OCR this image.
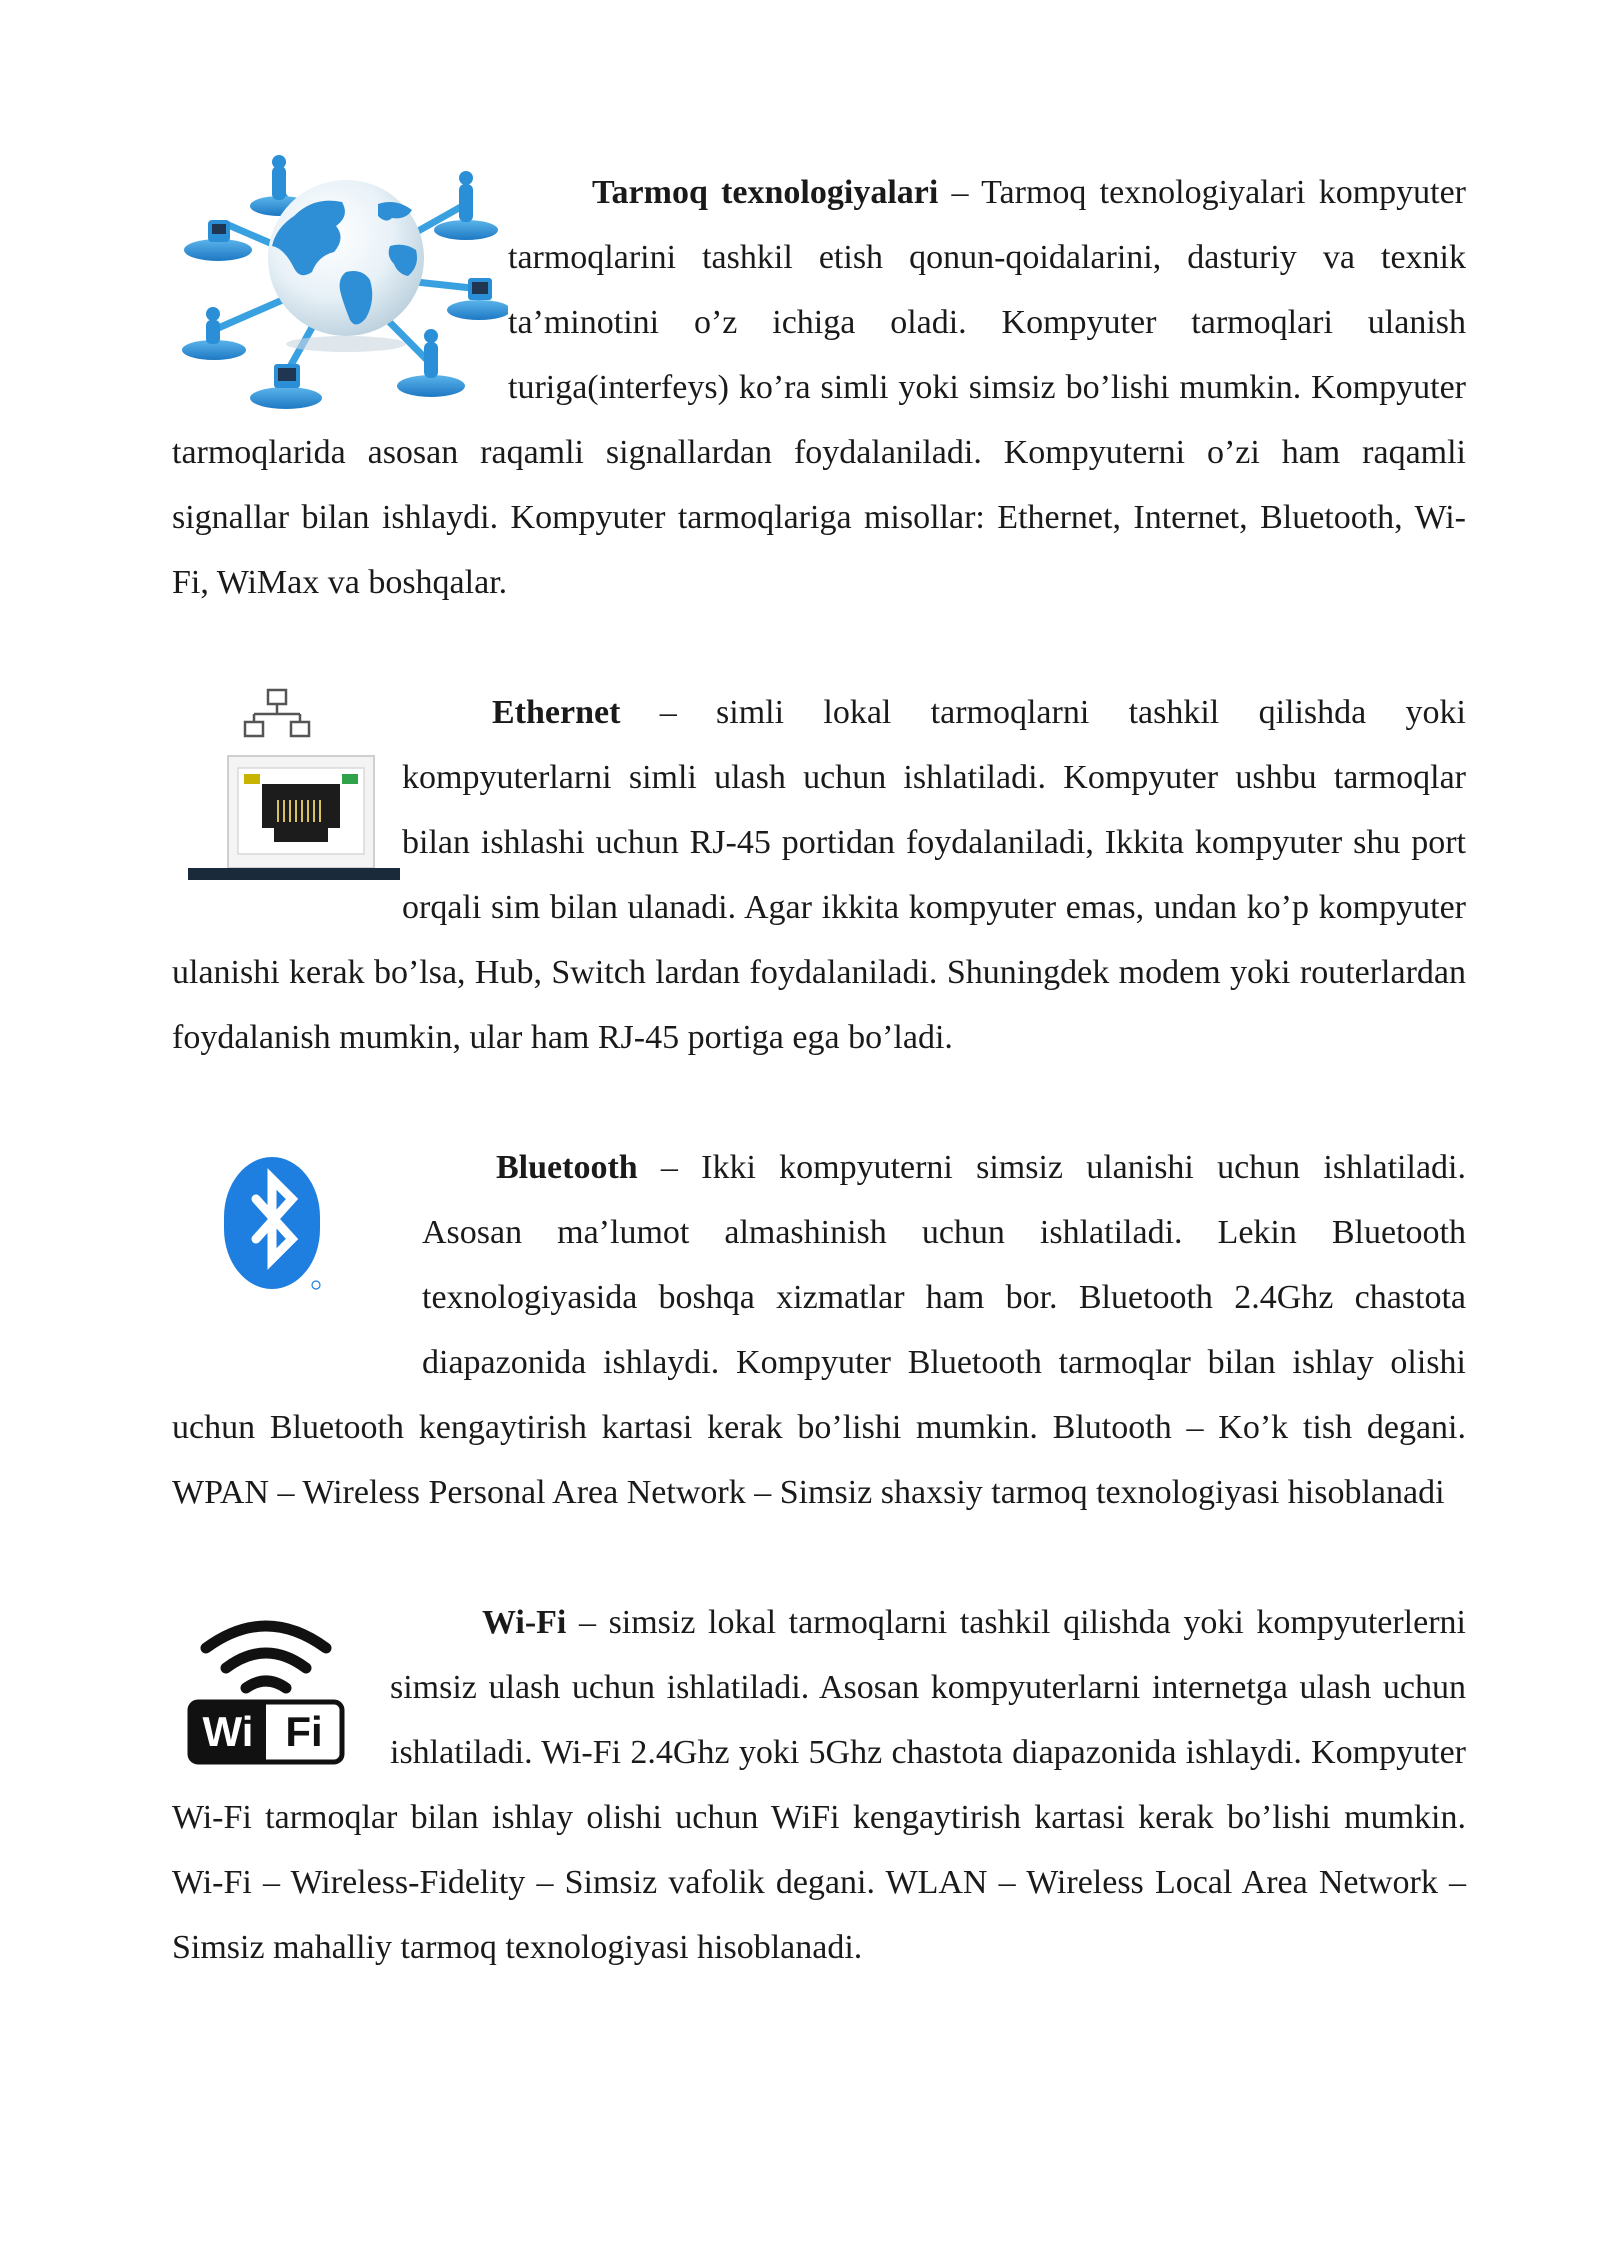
Tarmoq texnologiyalari – Tarmoq texnologiyalari kompyuter tarmoqlarini tashkil etish qonun-qoidalarini, dasturiy va texnik ta’minotini o’z ichiga oladi. Kompyuter tarmoqlari ulanish turiga(interfeys) ko’ra simli yoki simsiz bo’lishi mumkin. Kompyuter tarmoqlarida asosan raqamli signallardan foydalaniladi. Kompyuterni o’zi ham raqamli signallar bilan ishlaydi. Kompyuter tarmoqlariga misollar: Ethernet, Internet, Bluetooth, Wi-Fi, WiMax va boshqalar.

Ethernet – simli lokal tarmoqlarni tashkil qilishda yoki kompyuterlarni simli ulash uchun ishlatiladi. Kompyuter ushbu tarmoqlar bilan ishlashi uchun RJ-45 portidan foydalaniladi, Ikkita kompyuter shu port orqali sim bilan ulanadi. Agar ikkita kompyuter emas, undan ko’p kompyuter ulanishi kerak bo’lsa, Hub, Switch lardan foydalaniladi. Shuningdek modem yoki routerlardan foydalanish mumkin, ular ham RJ-45 portiga ega bo’ladi.

Bluetooth – Ikki kompyuterni simsiz ulanishi uchun ishlatiladi. Asosan ma’lumot almashinish uchun ishlatiladi. Lekin Bluetooth texnologiyasida boshqa xizmatlar ham bor. Bluetooth 2.4Ghz chastota diapazonida ishlaydi. Kompyuter Bluetooth tarmoqlar bilan ishlay olishi uchun Bluetooth kengaytirish kartasi kerak bo’lishi mumkin. Blutooth – Ko’k tish degani. WPAN – Wireless Personal Area Network – Simsiz shaxsiy tarmoq texnologiyasi hisoblanadi

Wi Fi

Wi-Fi – simsiz lokal tarmoqlarni tashkil qilishda yoki kompyuterlerni simsiz ulash uchun ishlatiladi. Asosan kompyuterlarni internetga ulash uchun ishlatiladi. Wi-Fi 2.4Ghz yoki 5Ghz chastota diapazonida ishlaydi. Kompyuter Wi-Fi tarmoqlar bilan ishlay olishi uchun WiFi kengaytirish kartasi kerak bo’lishi mumkin. Wi-Fi – Wireless-Fidelity – Simsiz vafolik degani. WLAN – Wireless Local Area Network – Simsiz mahalliy tarmoq texnologiyasi hisoblanadi.
